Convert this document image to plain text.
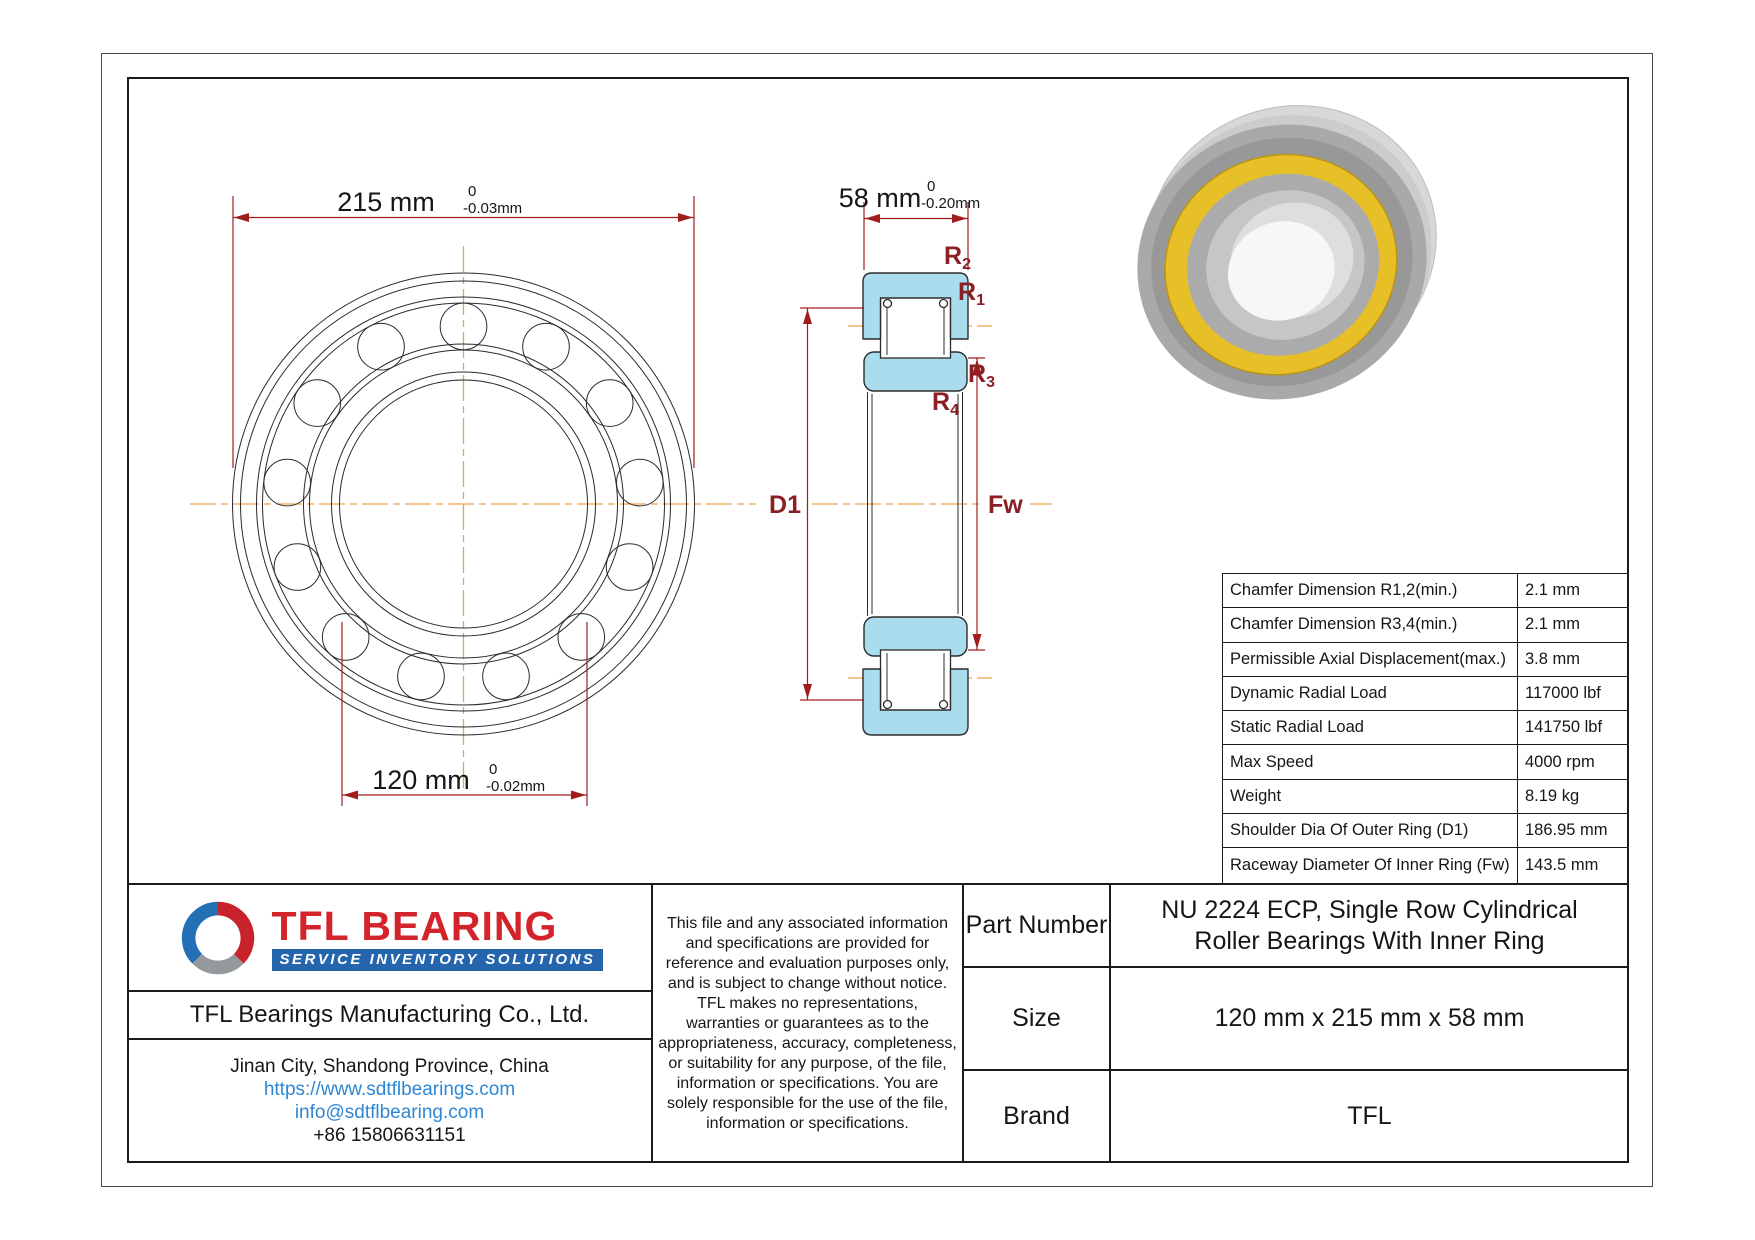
215 mm 0
-0.03mm
120 mm 0
-0.02mm
58 mm 0
-0.20mm
D1	Fw
$R_2$
$R_1$
$R_3$
$R_4$
Chamfer Dimension R1,2(min.)	2.1 mm
Chamfer Dimension R3,4(min.)	2.1 mm
Permissible Axial Displacement(max.)	3.8 mm
Dynamic Radial Load	117000 lbf
Static Radial Load	141750 lbf
Max Speed	4000 rpm
Weight	8.19 kg
Shoulder Dia Of Outer Ring (D1)	186.95 mm
Raceway Diameter Of Inner Ring (Fw) 143.5 mm
TFL BEARING
SERVICE INVENTORY SOLUTIONS
TFL Bearings Manufacturing Co., Ltd.
Jinan City, Shandong Province, China
https://www.sdtflbearings.com
info@sdtflbearing.com
+86 15806631151
This file and any associated information and specifications are provided for reference and evaluation purposes only, and is subject to change without notice. TFL makes no representations, warranties or guarantees as to the appropriateness, accuracy, completeness, or suitability for any purpose, of the file, information or specifications. You are solely responsible for the use of the file, information or specifications.
Part Number
NU 2224 ECP, Single Row Cylindrical Roller Bearings With Inner Ring
Size	120 mm x 215 mm x 58 mm
Brand	TFL
